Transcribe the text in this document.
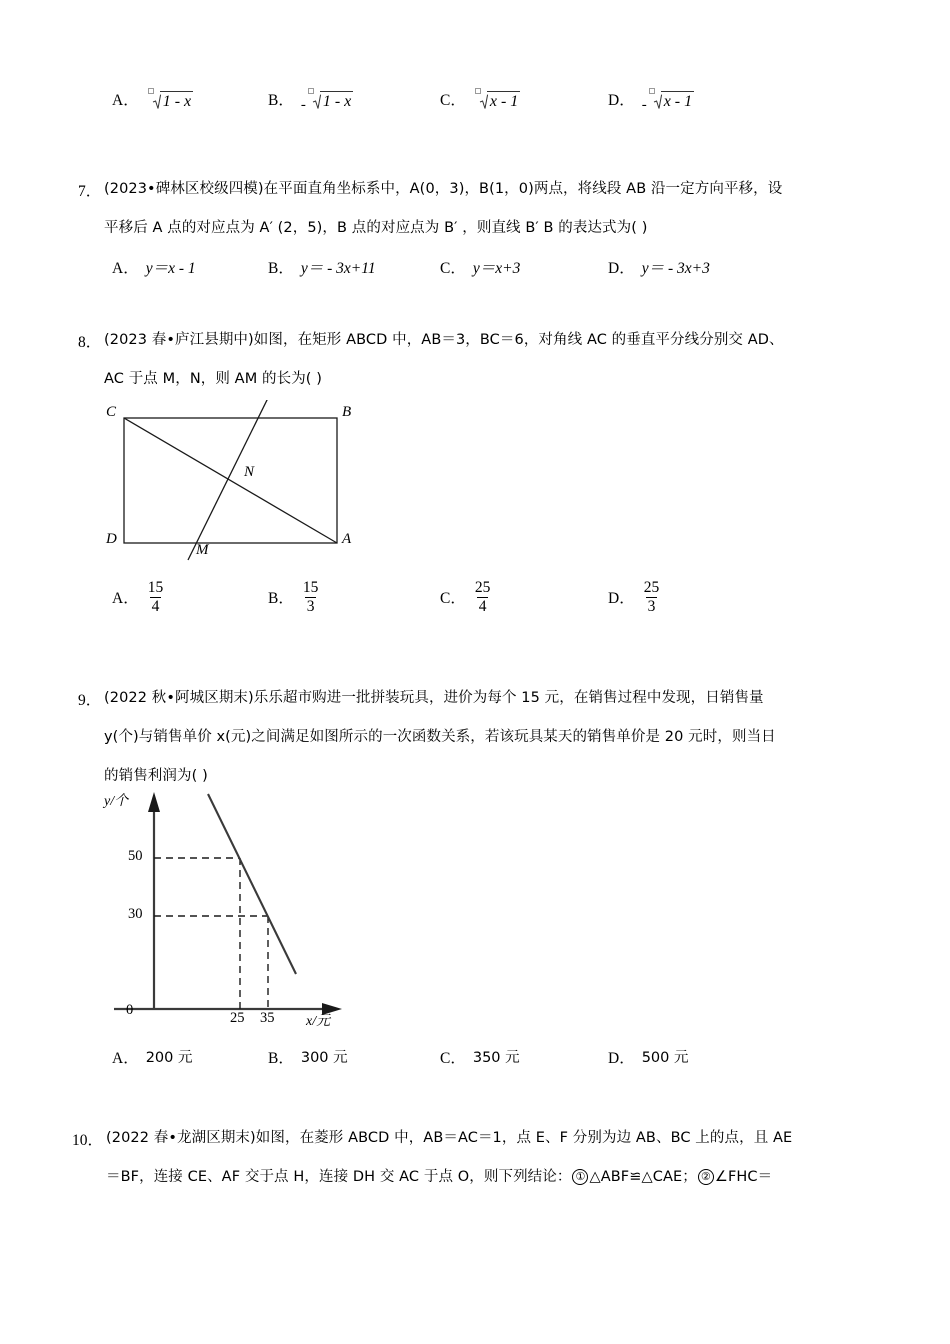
A．	1 - x	B． -	1 - x	C．	x - 1	D． -	x - 1
7． (2023•碑林区校级四模)在平面直角坐标系中，A(0，3)，B(1，0)两点，将线段 AB 沿一定方向平移，设
平移后 A 点的对应点为 A′ (2，5)，B 点的对应点为 B′ ，则直线 B′ B 的表达式为( )
A． y＝x - 1	B． y＝ - 3x+11	C． y＝x+3	D． y＝ - 3x+3
8． (2023 春•庐江县期中)如图，在矩形 ABCD 中，AB＝3，BC＝6，对角线 AC 的垂直平分线分别交 AD、
AC 于点 M，N，则 AM 的长为( )
C	B
D	A
N
M
A． $\frac{15}{4}$	B． $\frac{15}{3}$	C． $\frac{25}{4}$	D． $\frac{25}{3}$
9． (2022 秋•阿城区期末)乐乐超市购进一批拼装玩具，进价为每个 15 元，在销售过程中发现，日销售量
y(个)与销售单价 x(元)之间满足如图所示的一次函数关系，若该玩具某天的销售单价是 20 元时，则当日
的销售利润为( )
y/个
x/元
0
50
30
25 35
A． 200 元	B． 300 元	C． 350 元	D． 500 元
10． (2022 春•龙湖区期末)如图，在菱形 ABCD 中，AB＝AC＝1，点 E、F 分别为边 AB、BC 上的点，且 AE
＝BF，连接 CE、AF 交于点 H，连接 DH 交 AC 于点 O，则下列结论： ① △ABF≌△CAE； ② ∠FHC＝
